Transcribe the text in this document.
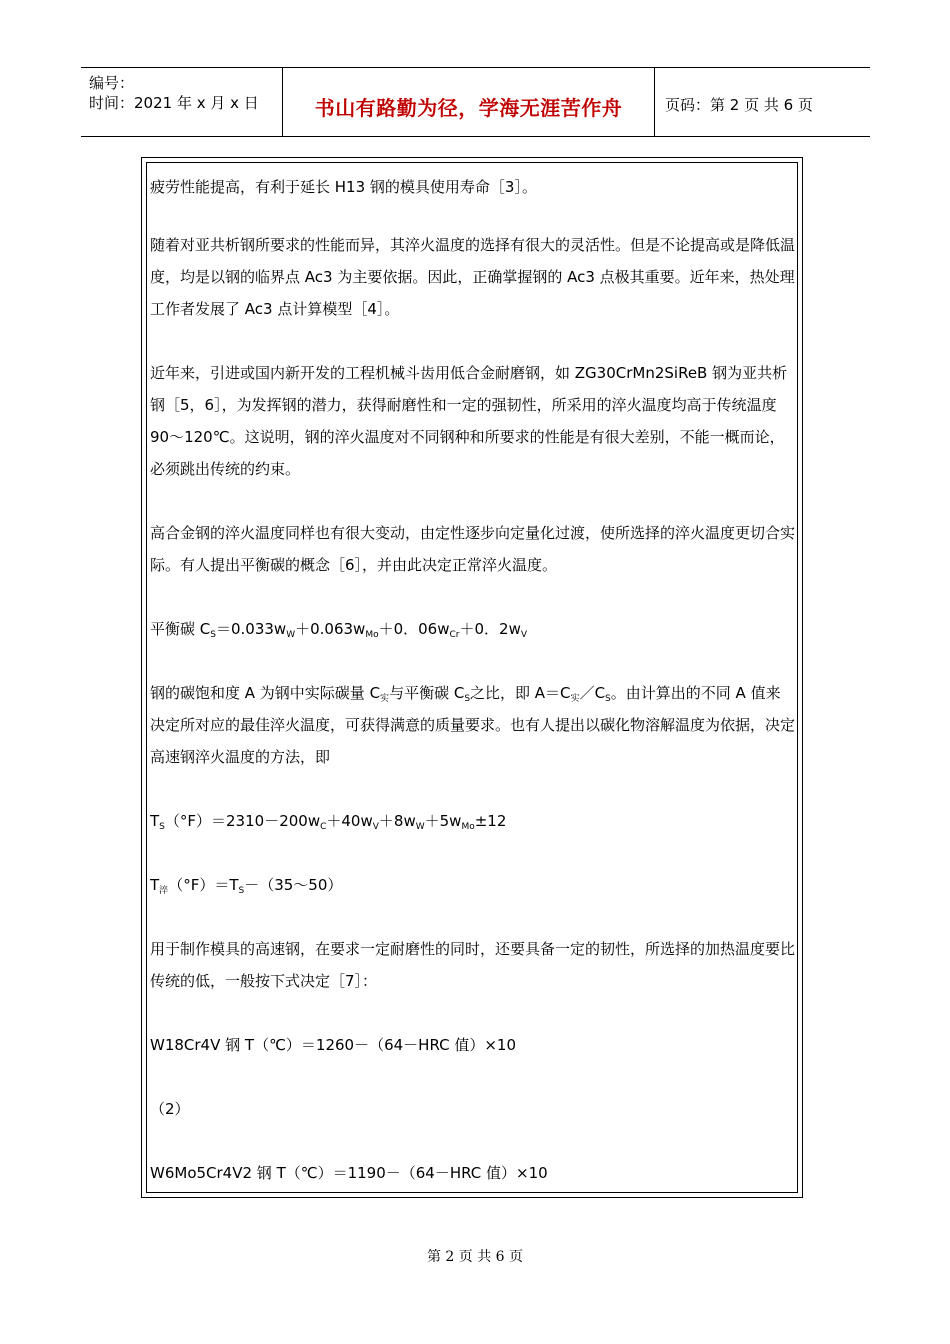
编号：
时间：2021 年 x 月 x 日	书山有路勤为径，学海无涯苦作舟	页码：第 2 页 共 6 页

疲劳性能提高，有利于延长 H13 钢的模具使用寿命［3］。

随着对亚共析钢所要求的性能而异，其淬火温度的选择有很大的灵活性。但是不论提高或是降低温度，均是以钢的临界点 Ac3 为主要依据。因此，正确掌握钢的 Ac3 点极其重要。近年来，热处理工作者发展了 Ac3 点计算模型［4］。

近年来，引进或国内新开发的工程机械斗齿用低合金耐磨钢，如 ZG30CrMn2SiReB 钢为亚共析钢［5，6］，为发挥钢的潜力，获得耐磨性和一定的强韧性，所采用的淬火温度均高于传统温度 90～120℃。这说明，钢的淬火温度对不同钢种和所要求的性能是有很大差别，不能一概而论，必须跳出传统的约束。

高合金钢的淬火温度同样也有很大变动，由定性逐步向定量化过渡，使所选择的淬火温度更切合实际。有人提出平衡碳的概念［6］，并由此决定正常淬火温度。

平衡碳 $C_S=0.033w_W+0.063w_{Mo}+0$．$06w_{Cr}+0$．$2w_V$

钢的碳饱和度 A 为钢中实际碳量 $C_实$与平衡碳 $C_S$之比，即 $A=C_实/C_S$。由计算出的不同 A 值来决定所对应的最佳淬火温度，可获得满意的质量要求。也有人提出以碳化物溶解温度为依据，决定高速钢淬火温度的方法，即

$T_S(^\circ F)=2310-200w_C+40w_V+8w_W+5w_{Mo}\pm 12$

$T_淬(^\circ F)=T_S-(35\sim 50)$

用于制作模具的高速钢，在要求一定耐磨性的同时，还要具备一定的韧性，所选择的加热温度要比传统的低，一般按下式决定［7］：

W18Cr4V 钢 T（℃）＝1260－（64－HRC 值）×10

（2）

W6Mo5Cr4V2 钢 T（℃）＝1190－（64－HRC 值）×10

第 2 页 共 6 页
